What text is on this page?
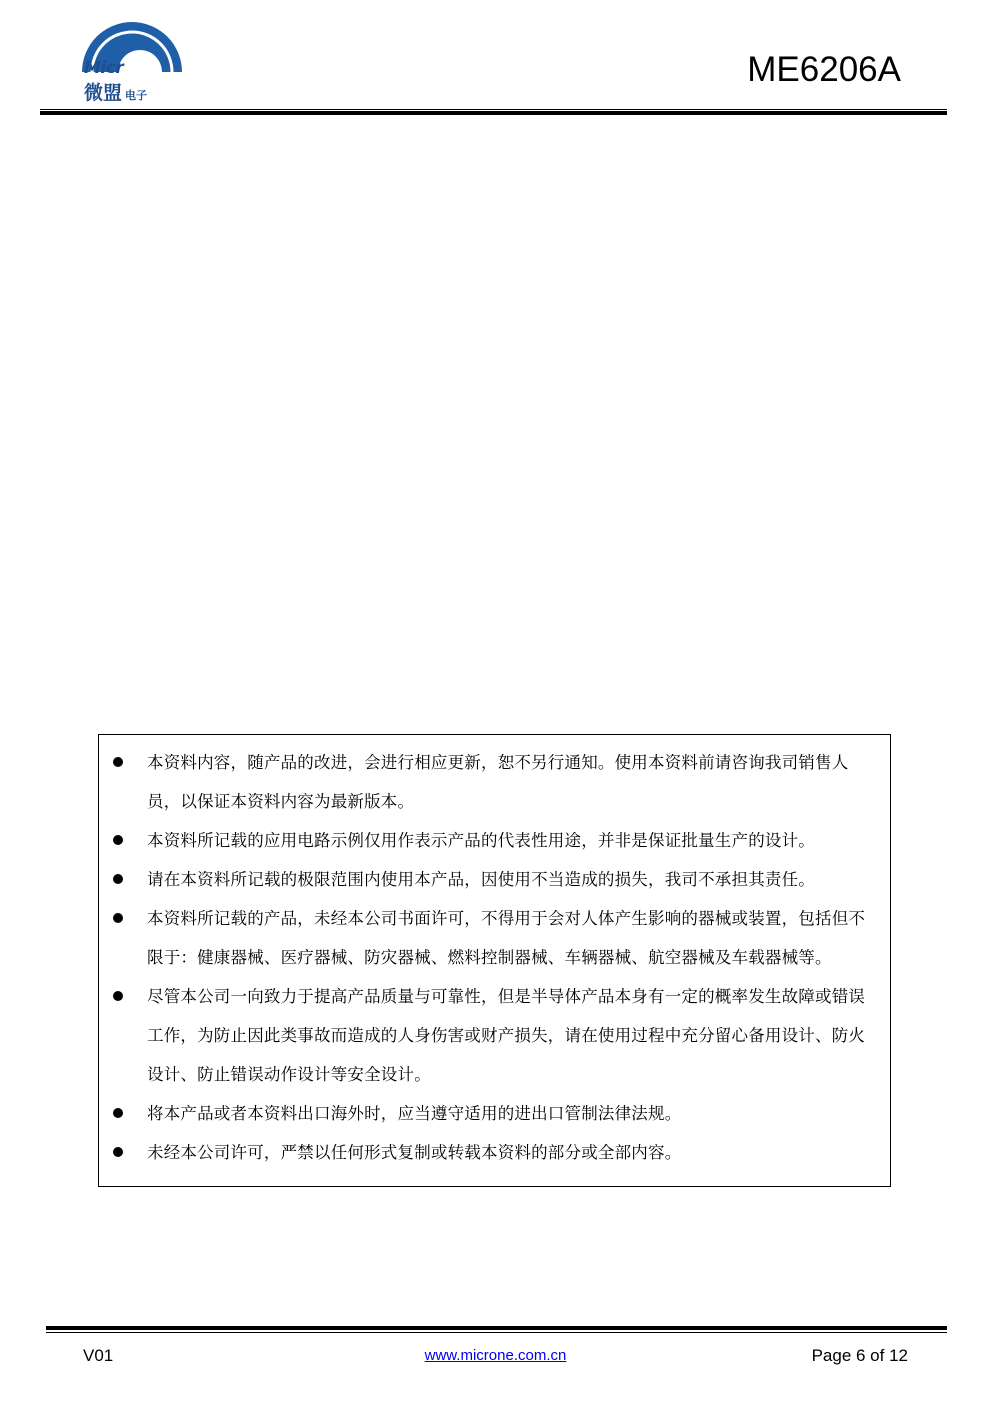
MicrOne
微盟 电子
ME6206A
本资料内容，随产品的改进，会进行相应更新，恕不另行通知。使用本资料前请咨询我司销售人员，以保证本资料内容为最新版本。
本资料所记载的应用电路示例仅用作表示产品的代表性用途，并非是保证批量生产的设计。
请在本资料所记载的极限范围内使用本产品，因使用不当造成的损失，我司不承担其责任。
本资料所记载的产品，未经本公司书面许可，不得用于会对人体产生影响的器械或装置，包括但不限于：健康器械、医疗器械、防灾器械、燃料控制器械、车辆器械、航空器械及车载器械等。
尽管本公司一向致力于提高产品质量与可靠性，但是半导体产品本身有一定的概率发生故障或错误工作，为防止因此类事故而造成的人身伤害或财产损失，请在使用过程中充分留心备用设计、防火设计、防止错误动作设计等安全设计。
将本产品或者本资料出口海外时，应当遵守适用的进出口管制法律法规。
未经本公司许可，严禁以任何形式复制或转载本资料的部分或全部内容。
V01	www.microne.com.cn	Page 6 of 12
